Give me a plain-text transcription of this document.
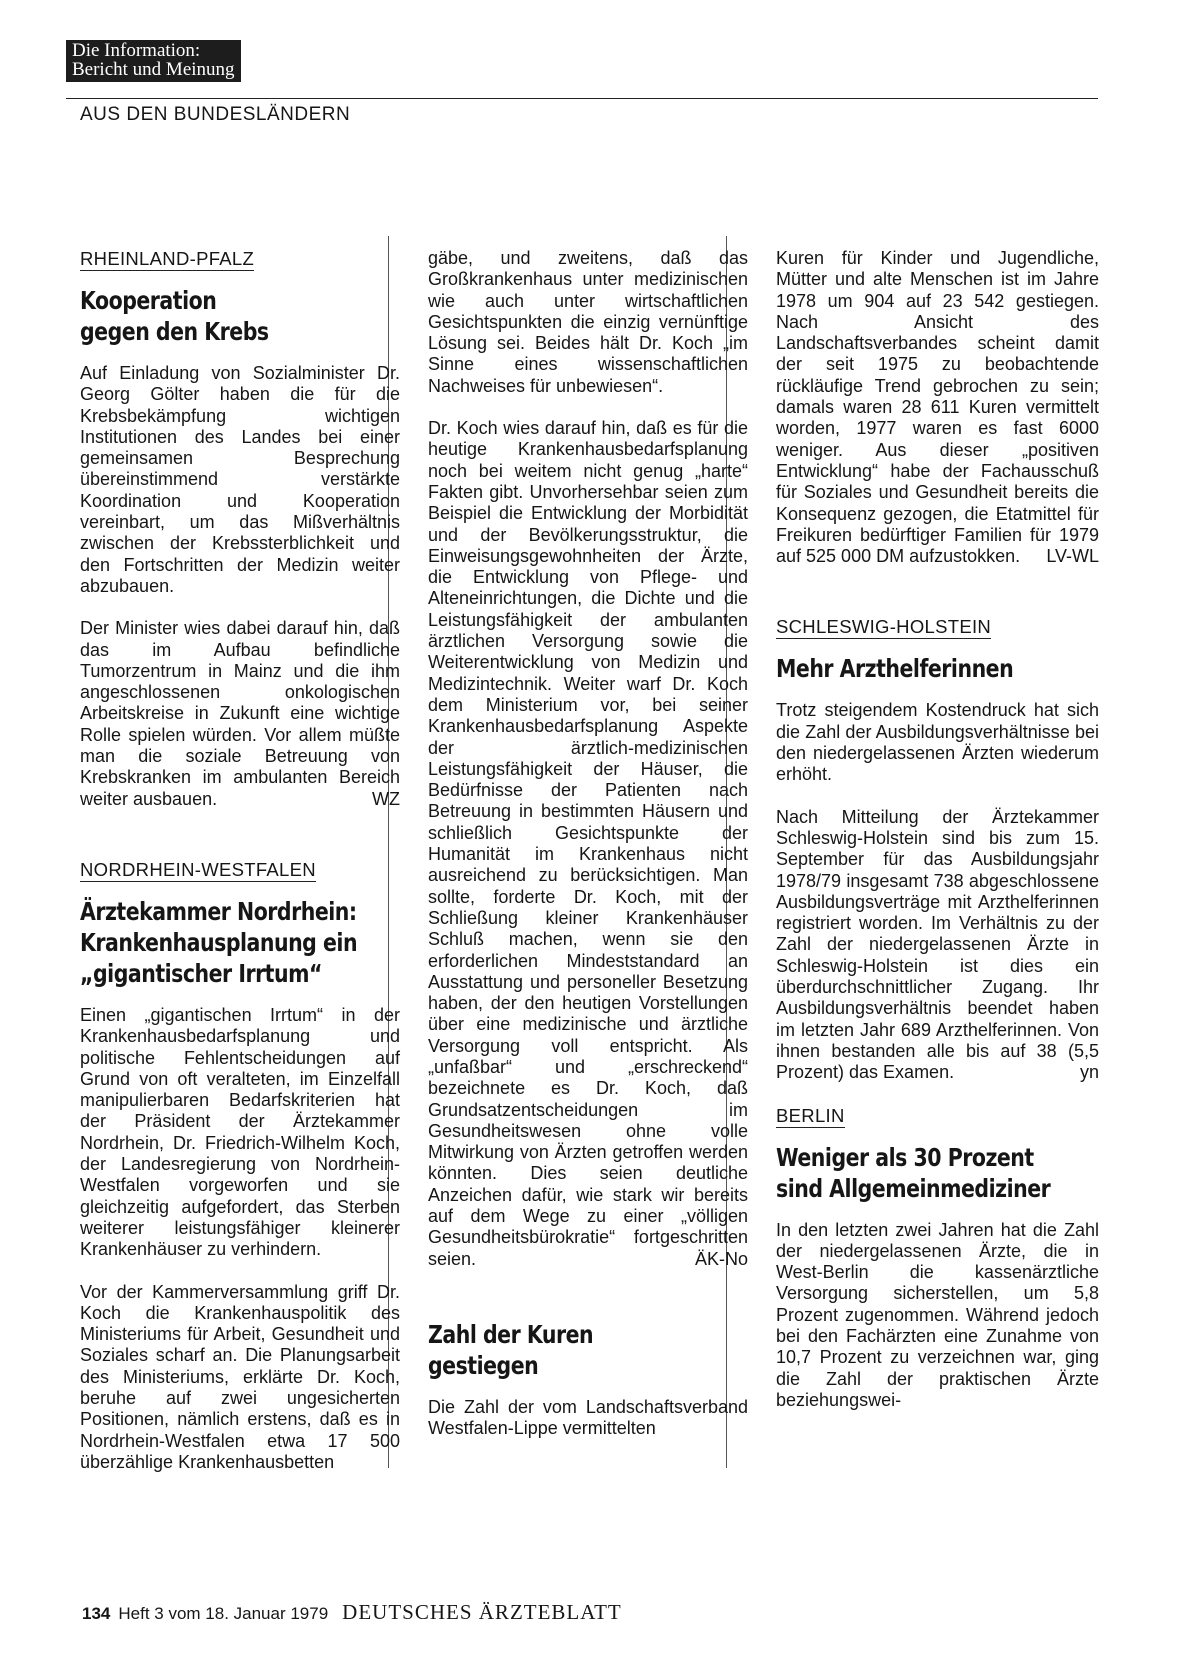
Die Information:
Bericht und Meinung
AUS DEN BUNDESLÄNDERN
RHEINLAND-PFALZ
Kooperation
gegen den Krebs

Auf Einladung von Sozialminister Dr. Georg Gölter haben die für die Krebsbekämpfung wichtigen Institutionen des Landes bei einer gemeinsamen Besprechung übereinstimmend verstärkte Koordination und Kooperation vereinbart, um das Mißverhältnis zwischen der Krebssterblichkeit und den Fortschritten der Medizin weiter abzubauen.

Der Minister wies dabei darauf hin, daß das im Aufbau befindliche Tumorzentrum in Mainz und die ihm angeschlossenen onkologischen Arbeitskreise in Zukunft eine wichtige Rolle spielen würden. Vor allem müßte man die soziale Betreuung von Krebskranken im ambulanten Bereich weiter ausbauen.	WZ

NORDRHEIN-WESTFALEN
Ärztekammer Nordrhein:
Krankenhausplanung ein
„gigantischer Irrtum“

Einen „gigantischen Irrtum“ in der Krankenhausbedarfsplanung und politische Fehlentscheidungen auf Grund von oft veralteten, im Einzelfall manipulierbaren Bedarfskriterien hat der Präsident der Ärztekammer Nordrhein, Dr. Friedrich-Wilhelm Koch, der Landesregierung von Nordrhein-Westfalen vorgeworfen und sie gleichzeitig aufgefordert, das Sterben weiterer leistungsfähiger kleinerer Krankenhäuser zu verhindern.

Vor der Kammerversammlung griff Dr. Koch die Krankenhauspolitik des Ministeriums für Arbeit, Gesundheit und Soziales scharf an. Die Planungsarbeit des Ministeriums, erklärte Dr. Koch, beruhe auf zwei ungesicherten Positionen, nämlich erstens, daß es in Nordrhein-Westfalen etwa 17 500 überzählige Krankenhausbetten

gäbe, und zweitens, daß das Großkrankenhaus unter medizinischen wie auch unter wirtschaftlichen Gesichtspunkten die einzig vernünftige Lösung sei. Beides hält Dr. Koch „im Sinne eines wissenschaftlichen Nachweises für unbewiesen“.

Dr. Koch wies darauf hin, daß es für die heutige Krankenhausbedarfsplanung noch bei weitem nicht genug „harte“ Fakten gibt. Unvorhersehbar seien zum Beispiel die Entwicklung der Morbidität und der Bevölkerungsstruktur, die Einweisungsgewohnheiten der Ärzte, die Entwicklung von Pflege- und Alteneinrichtungen, die Dichte und die Leistungsfähigkeit der ambulanten ärztlichen Versorgung sowie die Weiterentwicklung von Medizin und Medizintechnik. Weiter warf Dr. Koch dem Ministerium vor, bei seiner Krankenhausbedarfsplanung Aspekte der ärztlich-medizinischen Leistungsfähigkeit der Häuser, die Bedürfnisse der Patienten nach Betreuung in bestimmten Häusern und schließlich Gesichtspunkte der Humanität im Krankenhaus nicht ausreichend zu berücksichtigen. Man sollte, forderte Dr. Koch, mit der Schließung kleiner Krankenhäuser Schluß machen, wenn sie den erforderlichen Mindeststandard an Ausstattung und personeller Besetzung haben, der den heutigen Vorstellungen über eine medizinische und ärztliche Versorgung voll entspricht. Als „unfaßbar“ und „erschreckend“ bezeichnete es Dr. Koch, daß Grundsatzentscheidungen im Gesundheitswesen ohne volle Mitwirkung von Ärzten getroffen werden könnten. Dies seien deutliche Anzeichen dafür, wie stark wir bereits auf dem Wege zu einer „völligen Gesundheitsbürokratie“ fortgeschritten seien.	ÄK-No

Zahl der Kuren
gestiegen

Die Zahl der vom Landschaftsverband Westfalen-Lippe vermittelten

Kuren für Kinder und Jugendliche, Mütter und alte Menschen ist im Jahre 1978 um 904 auf 23 542 gestiegen. Nach Ansicht des Landschaftsverbandes scheint damit der seit 1975 zu beobachtende rückläufige Trend gebrochen zu sein; damals waren 28 611 Kuren vermittelt worden, 1977 waren es fast 6000 weniger. Aus dieser „positiven Entwicklung“ habe der Fachausschuß für Soziales und Gesundheit bereits die Konsequenz gezogen, die Etatmittel für Freikuren bedürftiger Familien für 1979 auf 525 000 DM aufzustokken. LV-WL

SCHLESWIG-HOLSTEIN
Mehr Arzthelferinnen

Trotz steigendem Kostendruck hat sich die Zahl der Ausbildungsverhältnisse bei den niedergelassenen Ärzten wiederum erhöht.

Nach Mitteilung der Ärztekammer Schleswig-Holstein sind bis zum 15. September für das Ausbildungsjahr 1978/79 insgesamt 738 abgeschlossene Ausbildungsverträge mit Arzthelferinnen registriert worden. Im Verhältnis zu der Zahl der niedergelassenen Ärzte in Schleswig-Holstein ist dies ein überdurchschnittlicher Zugang. Ihr Ausbildungsverhältnis beendet haben im letzten Jahr 689 Arzthelferinnen. Von ihnen bestanden alle bis auf 38 (5,5 Prozent) das Examen.	yn

BERLIN
Weniger als 30 Prozent
sind Allgemeinmediziner

In den letzten zwei Jahren hat die Zahl der niedergelassenen Ärzte, die in West-Berlin die kassenärztliche Versorgung sicherstellen, um 5,8 Prozent zugenommen. Während jedoch bei den Fachärzten eine Zunahme von 10,7 Prozent zu verzeichnen war, ging die Zahl der praktischen Ärzte beziehungswei-

134 Heft 3 vom 18. Januar 1979 DEUTSCHES ÄRZTEBLATT
